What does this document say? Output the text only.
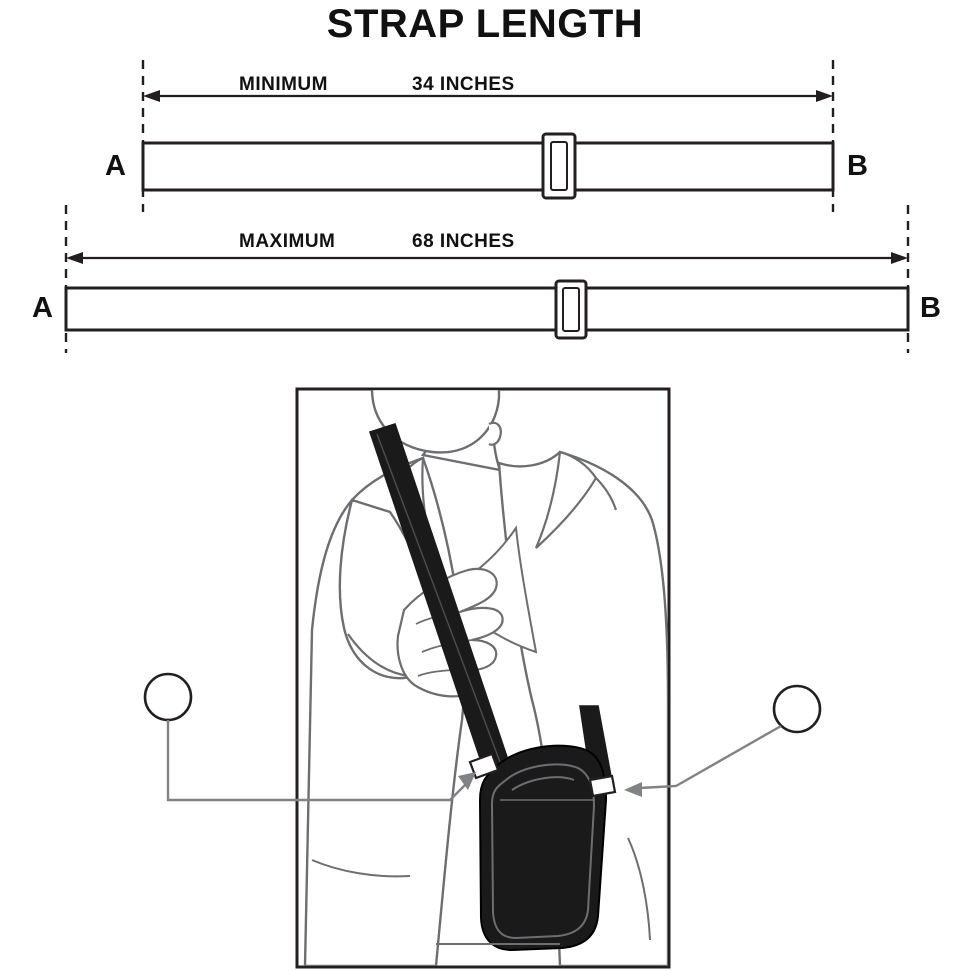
STRAP LENGTH
MINIMUM	34 INCHES
A	B
MAXIMUM	68 INCHES
A	B
